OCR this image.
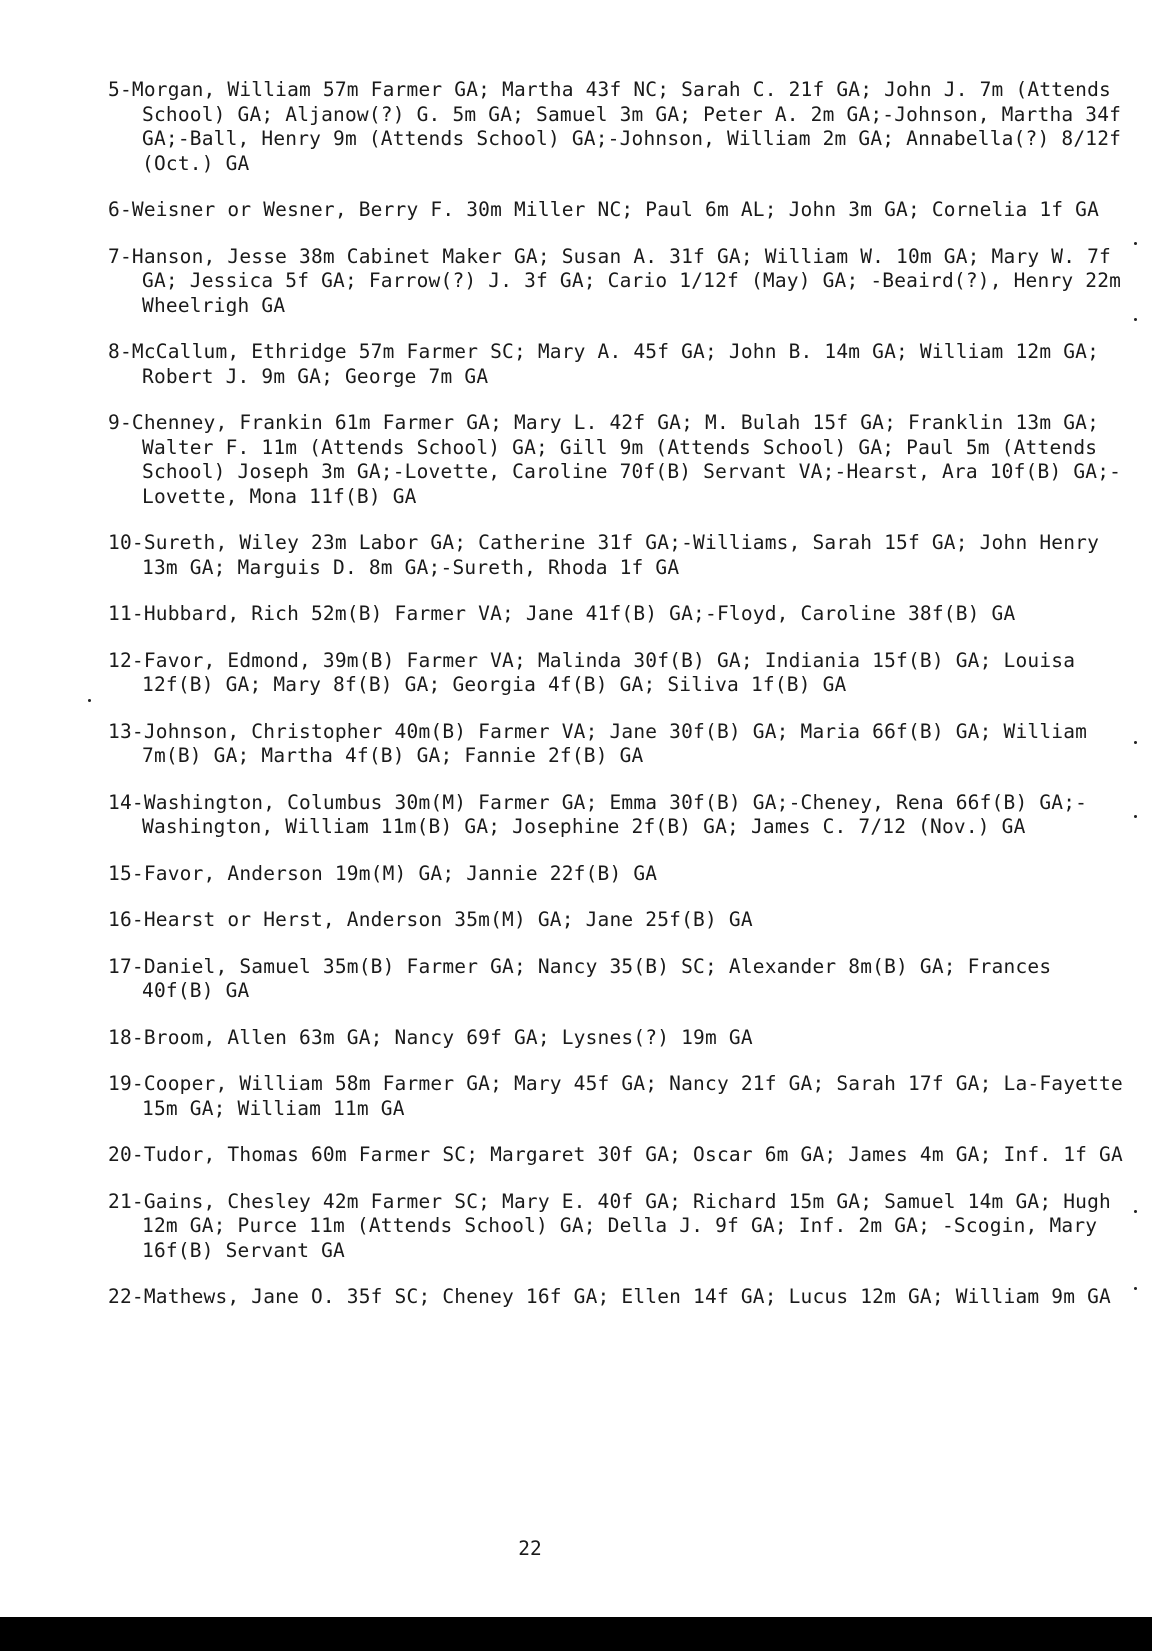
5-Morgan, William 57m Farmer GA; Martha 43f NC; Sarah C. 21f GA; John J. 7m (Attends School) GA; Aljanow(?) G. 5m GA; Samuel 3m GA; Peter A. 2m GA;-Johnson, Martha 34f GA;-Ball, Henry 9m (Attends School) GA;-Johnson, William 2m GA; Annabella(?) 8/12f (Oct.) GA

6-Weisner or Wesner, Berry F. 30m Miller NC; Paul 6m AL; John 3m GA; Cornelia 1f GA

7-Hanson, Jesse 38m Cabinet Maker GA; Susan A. 31f GA; William W. 10m GA; Mary W. 7f GA; Jessica 5f GA; Farrow(?) J. 3f GA; Cario 1/12f (May) GA; -Beaird(?), Henry 22m Wheelrigh GA

8-McCallum, Ethridge 57m Farmer SC; Mary A. 45f GA; John B. 14m GA; William 12m GA; Robert J. 9m GA; George 7m GA

9-Chenney, Frankin 61m Farmer GA; Mary L. 42f GA; M. Bulah 15f GA; Franklin 13m GA; Walter F. 11m (Attends School) GA; Gill 9m (Attends School) GA; Paul 5m (Attends School) Joseph 3m GA;-Lovette, Caroline 70f(B) Servant VA;-Hearst, Ara 10f(B) GA;-Lovette, Mona 11f(B) GA

10-Sureth, Wiley 23m Labor GA; Catherine 31f GA;-Williams, Sarah 15f GA; John Henry 13m GA; Marguis D. 8m GA;-Sureth, Rhoda 1f GA

11-Hubbard, Rich 52m(B) Farmer VA; Jane 41f(B) GA;-Floyd, Caroline 38f(B) GA

12-Favor, Edmond, 39m(B) Farmer VA; Malinda 30f(B) GA; Indiania 15f(B) GA; Louisa 12f(B) GA; Mary 8f(B) GA; Georgia 4f(B) GA; Siliva 1f(B) GA

13-Johnson, Christopher 40m(B) Farmer VA; Jane 30f(B) GA; Maria 66f(B) GA; William 7m(B) GA; Martha 4f(B) GA; Fannie 2f(B) GA

14-Washington, Columbus 30m(M) Farmer GA; Emma 30f(B) GA;-Cheney, Rena 66f(B) GA;-Washington, William 11m(B) GA; Josephine 2f(B) GA; James C. 7/12 (Nov.) GA

15-Favor, Anderson 19m(M) GA; Jannie 22f(B) GA

16-Hearst or Herst, Anderson 35m(M) GA; Jane 25f(B) GA

17-Daniel, Samuel 35m(B) Farmer GA; Nancy 35(B) SC; Alexander 8m(B) GA; Frances 40f(B) GA

18-Broom, Allen 63m GA; Nancy 69f GA; Lysnes(?) 19m GA

19-Cooper, William 58m Farmer GA; Mary 45f GA; Nancy 21f GA; Sarah 17f GA; La-Fayette 15m GA; William 11m GA

20-Tudor, Thomas 60m Farmer SC; Margaret 30f GA; Oscar 6m GA; James 4m GA; Inf. 1f GA

21-Gains, Chesley 42m Farmer SC; Mary E. 40f GA; Richard 15m GA; Samuel 14m GA; Hugh 12m GA; Purce 11m (Attends School) GA; Della J. 9f GA; Inf. 2m GA; -Scogin, Mary 16f(B) Servant GA

22-Mathews, Jane O. 35f SC; Cheney 16f GA; Ellen 14f GA; Lucus 12m GA; William 9m GA

22
